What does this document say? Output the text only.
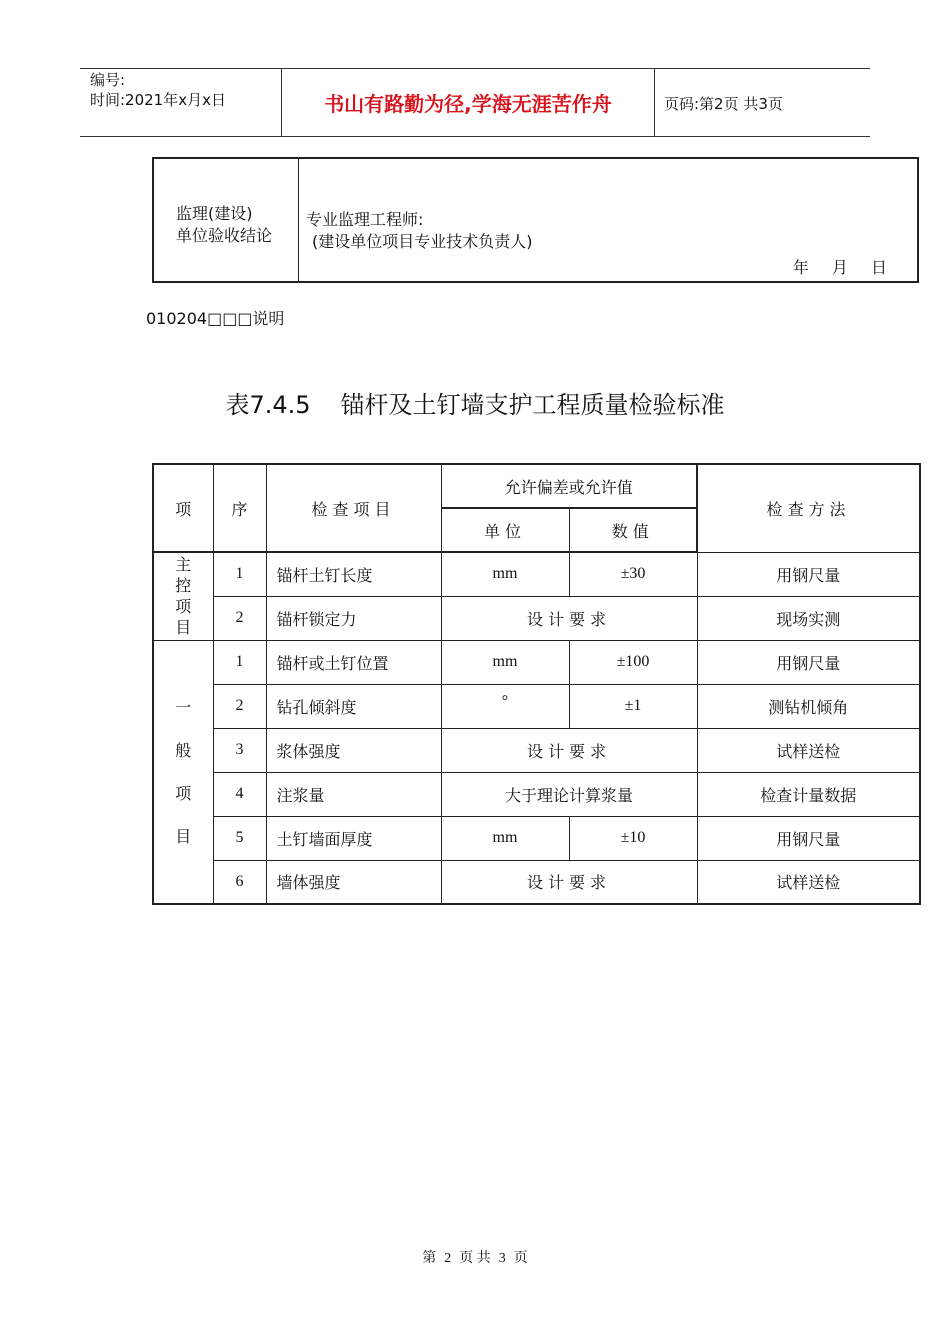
编号:
时间:2021年x月x日	书山有路勤为径,学海无涯苦作舟	页码:第2页 共3页
监理(建设)
单位验收结论
专业监理工程师:
(建设单位项目专业技术负责人)
年 月 日
010204□□□说明
表7.4.5 锚杆及土钉墙支护工程质量检验标准
项	序	检查项目	允许偏差或允许值		检查方法
			单位	数值	

主
控
项
目	1	锚杆土钉长度	mm	±30	用钢尺量
	2	锚杆锁定力	设计要求		现场实测

一
般
项
目	1	锚杆或土钉位置	mm	±100	用钢尺量
	2	钻孔倾斜度	°	±1	测钻机倾角
	3	浆体强度	设计要求		试样送检
	4	注浆量	大于理论计算浆量		检查计量数据
	5	土钉墙面厚度	mm	±10	用钢尺量
	6	墙体强度	设计要求		试样送检
第 2 页 共 3 页
